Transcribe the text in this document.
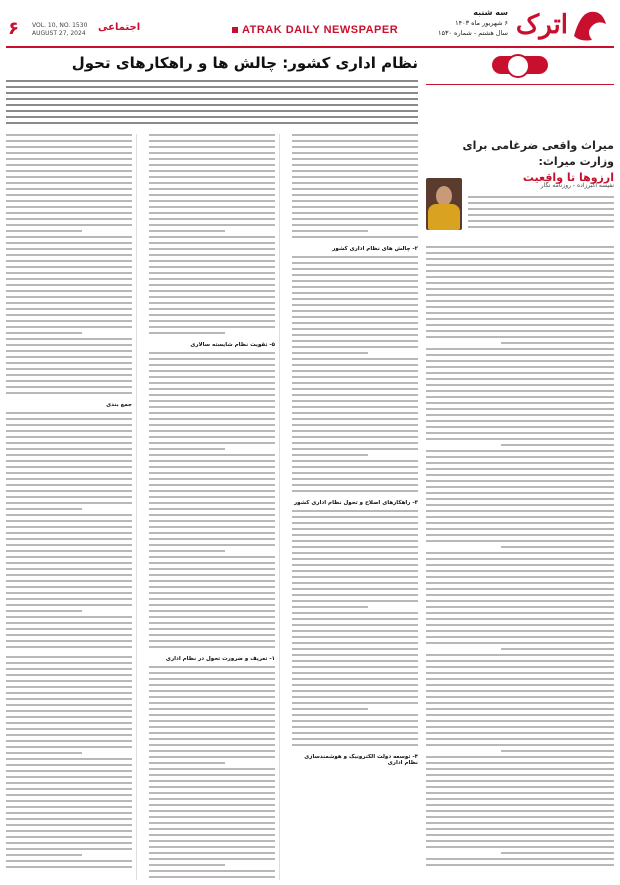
اترک
سه شنبه
۶ شهریور ماه ۱۴۰۳
سال هشتم - شماره ۱۵۳۰
ATRAK DAILY NEWSPAPER
اجتماعی
VOL. 10, NO. 1530
AUGUST 27, 2024
۶
میراث واقعی ضرغامی برای وزارت میراث:
ارزوها تا واقعیت
نفیسه اکبرزاده - روزنامه نگار
نظام اداری کشور: چالش ها و راهکارهای تحول
۲- چالش های نظام اداری کشور
۳- راهکارهای اصلاح و تحول نظام اداری کشور
۴- توسعه دولت الکترونیک و هوشمندسازی نظام اداری
۵- تقویت نظام شایسته سالاری
۱- تعریف و ضرورت تحول در نظام اداری
جمع بندی
